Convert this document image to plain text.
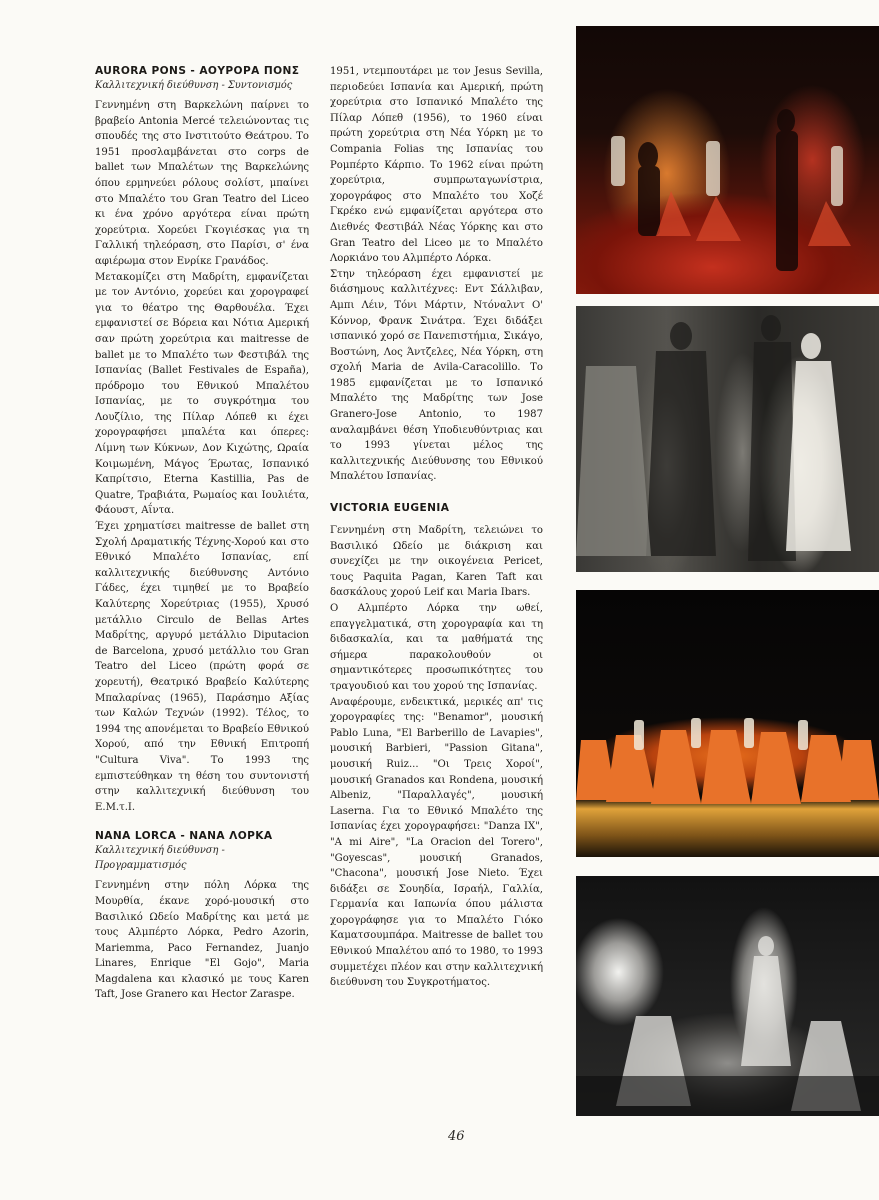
AURORA PONS - ΑΟΥΡΟΡΑ ΠΟΝΣ
Καλλιτεχνική διεύθυνση - Συντονισμός

Γεννημένη στη Βαρκελώνη παίρνει το βραβείο Antonia Mercé τελειώνοντας τις σπουδές της στο Ινστιτούτο Θεάτρου. Το 1951 προσλαμβάνεται στο corps de ballet των Μπαλέτων της Βαρκελώνης όπου ερμηνεύει ρόλους σολίστ, μπαίνει στο Μπαλέτο του Gran Teatro del Liceo κι ένα χρόνο αργότερα είναι πρώτη χορεύτρια. Χορεύει Γκογιέσκας για τη Γαλλική τηλεόραση, στο Παρίσι, σ' ένα αφιέρωμα στον Ενρίκε Γρανάδος.

Μετακομίζει στη Μαδρίτη, εμφανίζεται με τον Αντόνιο, χορεύει και χορογραφεί για το θέατρο της Θαρθουέλα. Έχει εμφανιστεί σε Βόρεια και Νότια Αμερική σαν πρώτη χορεύτρια και maitresse de ballet με το Μπαλέτο των Φεστιβάλ της Ισπανίας (Ballet Festivales de España), πρόδρομο του Εθνικού Μπαλέτου Ισπανίας, με το συγκρότημα του Λουζίλιο, της Πίλαρ Λόπεθ κι έχει χορογραφήσει μπαλέτα και όπερες: Λίμνη των Κύκνων, Δον Κιχώτης, Ωραία Κοιμωμένη, Μάγος Έρωτας, Ισπανικό Καπρίτσιο, Eterna Kastillia, Pas de Quatre, Τραβιάτα, Ρωμαίος και Ιουλιέτα, Φάουστ, Αΐντα.

Έχει χρηματίσει maitresse de ballet στη Σχολή Δραματικής Τέχνης-Χορού και στο Εθνικό Μπαλέτο Ισπανίας, επί καλλιτεχνικής διεύθυνσης Αντόνιο Γάδες, έχει τιμηθεί με το Βραβείο Καλύτερης Χορεύτριας (1955), Χρυσό μετάλλιο Circulo de Bellas Artes Μαδρίτης, αργυρό μετάλλιο Diputacion de Barcelona, χρυσό μετάλλιο του Gran Teatro del Liceo (πρώτη φορά σε χορευτή), Θεατρικό Βραβείο Καλύτερης Μπαλαρίνας (1965), Παράσημο Αξίας των Καλών Τεχνών (1992). Τέλος, το 1994 της απονέμεται το Βραβείο Εθνικού Χορού, από την Εθνική Επιτροπή "Cultura Viva". Το 1993 της εμπιστεύθηκαν τη θέση του συντονιστή στην καλλιτεχνική διεύθυνση του Ε.Μ.τ.Ι.

NANA LORCA - ΝΑΝΑ ΛΟΡΚΑ
Καλλιτεχνική διεύθυνση - Προγραμματισμός

Γεννημένη στην πόλη Λόρκα της Μουρθία, έκανε χορό-μουσική στο Βασιλικό Ωδείο Μαδρίτης και μετά με τους Αλμπέρτο Λόρκα, Pedro Azorin, Mariemma, Paco Fernandez, Juanjo Linares, Enrique "El Gojo", Maria Magdalena και κλασικό με τους Karen Taft, Jose Granero και Hector Zaraspe.

1951, ντεμπουτάρει με τον Jesus Sevilla, περιοδεύει Ισπανία και Αμερική, πρώτη χορεύτρια στο Ισπανικό Μπαλέτο της Πίλαρ Λόπεθ (1956), το 1960 είναι πρώτη χορεύτρια στη Νέα Υόρκη με το Compania Folias της Ισπανίας του Ρομπέρτο Κάρπιο. Το 1962 είναι πρώτη χορεύτρια, συμπρωταγωνίστρια, χορογράφος στο Μπαλέτο του Χοζέ Γκρέκο ενώ εμφανίζεται αργότερα στο Διεθνές Φεστιβάλ Νέας Υόρκης και στο Gran Teatro del Liceo με το Μπαλέτο Λορκιάνο του Αλμπέρτο Λόρκα.

Στην τηλεόραση έχει εμφανιστεί με διάσημους καλλιτέχνες: Εντ Σάλλιβαν, Αμπι Λέιν, Τόνι Μάρτιν, Ντόναλντ Ο' Κόννορ, Φρανκ Σινάτρα. Έχει διδάξει ισπανικό χορό σε Πανεπιστήμια, Σικάγο, Βοστώνη, Λος Άντζελες, Νέα Υόρκη, στη σχολή Maria de Avila-Caracolillo. Το 1985 εμφανίζεται με το Ισπανικό Μπαλέτο της Μαδρίτης των Jose Granero-Jose Antonio, το 1987 αναλαμβάνει θέση Υποδιευθύντριας και το 1993 γίνεται μέλος της καλλιτεχνικής Διεύθυνσης του Εθνικού Μπαλέτου Ισπανίας.

VICTORIA EUGENIA

Γεννημένη στη Μαδρίτη, τελειώνει το Βασιλικό Ωδείο με διάκριση και συνεχίζει με την οικογένεια Pericet, τους Paquita Pagan, Karen Taft και δασκάλους χορού Leif και Maria Ibars.

Ο Αλμπέρτο Λόρκα την ωθεί, επαγγελματικά, στη χορογραφία και τη διδασκαλία, και τα μαθήματά της σήμερα παρακολουθούν οι σημαντικότερες προσωπικότητες του τραγουδιού και του χορού της Ισπανίας.

Αναφέρουμε, ενδεικτικά, μερικές απ' τις χορογραφίες της: "Benamor", μουσική Pablo Luna, "El Barberillo de Lavapies", μουσική Barbieri, "Passion Gitana", μουσική Ruiz... "Οι Τρεις Χοροί", μουσική Granados και Rondena, μουσική Albeniz, "Παραλλαγές", μουσική Laserna. Για το Εθνικό Μπαλέτο της Ισπανίας έχει χορογραφήσει: "Danza IX", "A mi Aire", "La Oracion del Torero", "Goyescas", μουσική Granados, "Chacona", μουσική Jose Nieto. Έχει διδάξει σε Σουηδία, Ισραήλ, Γαλλία, Γερμανία και Ιαπωνία όπου μάλιστα χορογράφησε για το Μπαλέτο Γιόκο Καματσουμπάρα. Maitresse de ballet του Εθνικού Μπαλέτου από το 1980, το 1993 συμμετέχει πλέον και στην καλλιτεχνική διεύθυνση του Συγκροτήματος.

46
